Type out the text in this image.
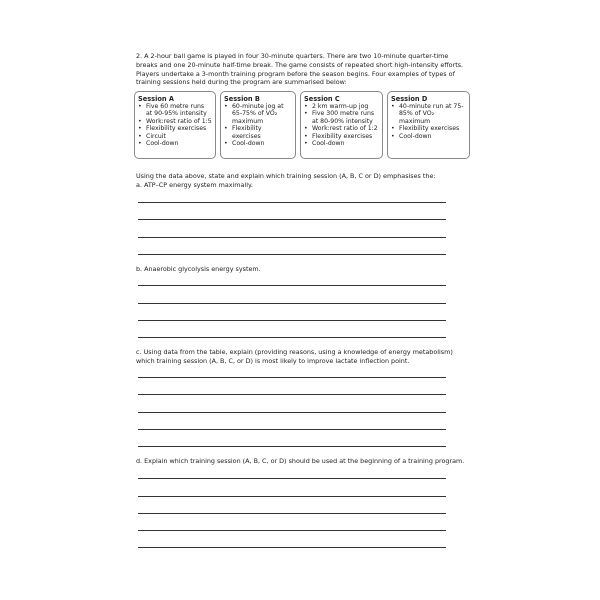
2. A 2-hour ball game is played in four 30-minute quarters. There are two 10-minute quarter-time breaks and one 20-minute half-time break. The game consists of repeated short high-intensity efforts. Players undertake a 3-month training program before the season begins. Four examples of types of training sessions held during the program are summarised below:
Session A
• Five 60 metre runs at 90-95% intensity
• Work:rest ratio of 1:5
• Flexibility exercises
• Circuit
• Cool-down
Session B
• 60-minute jog at 65-75% of VO₂ maximum
• Flexibility exercises
• Cool-down
Session C
• 2 km warm-up jog
• Five 300 metre runs at 80-90% intensity
• Work:rest ratio of 1:2
• Flexibility exercises
• Cool-down
Session D
• 40-minute run at 75-85% of VO₂ maximum
• Flexibility exercises
• Cool-down
Using the data above, state and explain which training session (A, B, C or D) emphasises the:
a. ATP–CP energy system maximally.
b. Anaerobic glycolysis energy system.
c. Using data from the table, explain (providing reasons, using a knowledge of energy metabolism) which training session (A, B, C, or D) is most likely to improve lactate inflection point.
d. Explain which training session (A, B, C, or D) should be used at the beginning of a training program.
